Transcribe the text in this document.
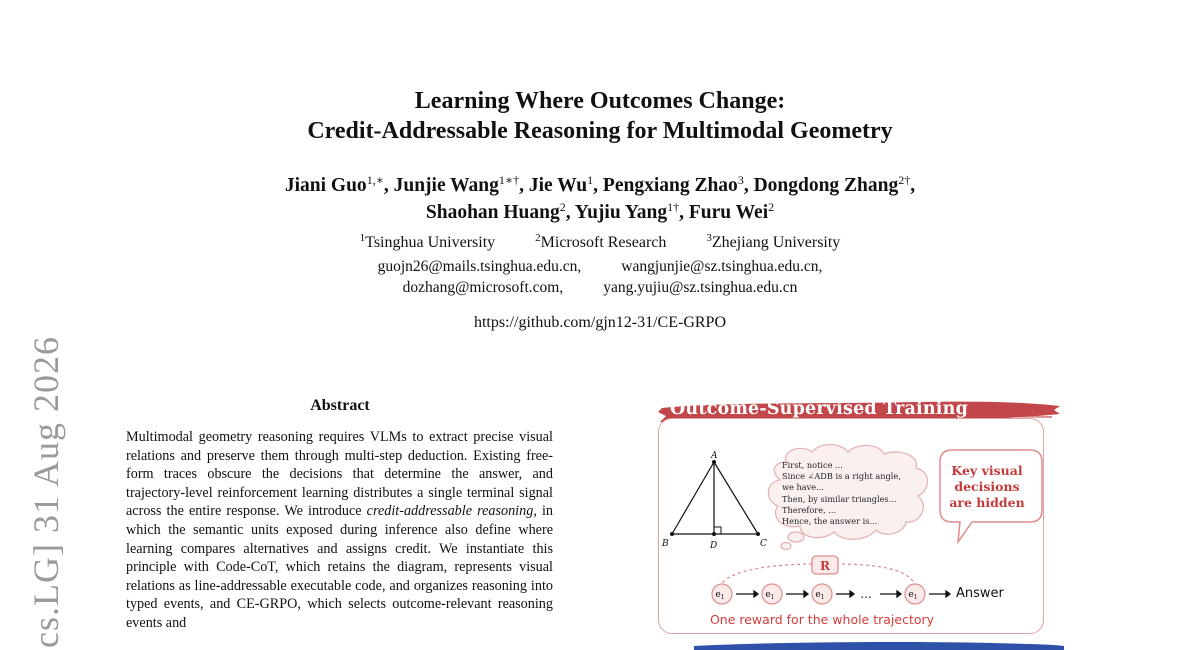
Learning Where Outcomes Change:
Credit-Addressable Reasoning for Multimodal Geometry
Jiani Guo$^{1,∗}$, Junjie Wang$^{1∗\dagger}$, Jie Wu$^1$, Pengxiang Zhao$^3$, Dongdong Zhang$^{2\dagger}$,
Shaohan Huang$^2$, Yujiu Yang$^{1\dagger}$, Furu Wei$^2$
$^1$Tsinghua University	$^2$Microsoft Research	$^3$Zhejiang University
guojn26@mails.tsinghua.edu.cn,	wangjunjie@sz.tsinghua.edu.cn,
dozhang@microsoft.com,	yang.yujiu@sz.tsinghua.edu.cn
https://github.com/gjn12-31/CE-GRPO
cs.LG] 31 Aug 2026	Abstract

Multimodal geometry reasoning requires VLMs to extract precise visual relations and preserve them through multi-step deduction. Existing free-form traces obscure the decisions that determine the answer, and trajectory-level reinforcement learning distributes a single terminal signal across the entire response. We introduce credit-addressable reasoning, in which the semantic units exposed during inference also define where learning compares alternatives and assigns credit. We instantiate this principle with Code-CoT, which retains the diagram, represents visual relations as line-addressable executable code, and organizes reasoning into typed events, and CE-GRPO, which selects outcome-relevant reasoning events and

Outcome-Supervised Training
A
B	D	C
R
...
$e_1$	$e_1$	$e_1$	$e_1$
First, notice ...
Since ∠ADB is a right angle,
we have...
Then, by similar triangles...
Therefore, ...
Hence, the answer is...
Key visual
decisions
are hidden
Answer
One reward for the whole trajectory
